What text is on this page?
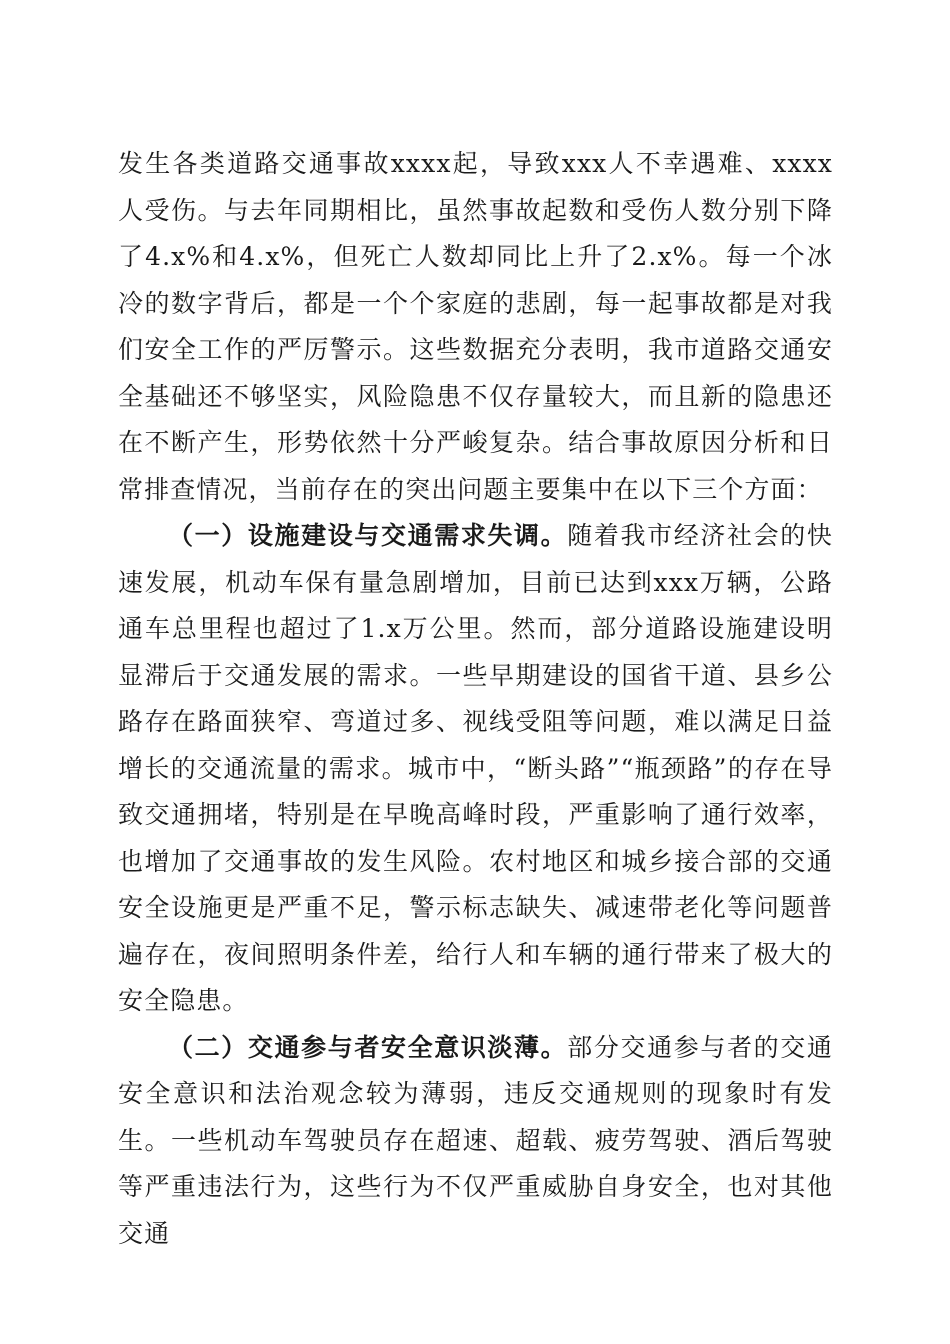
发生各类道路交通事故xxxx起，导致xxx人不幸遇难、xxxx人受伤。与去年同期相比，虽然事故起数和受伤人数分别下降了4.x%和4.x%，但死亡人数却同比上升了2.x%。每一个冰冷的数字背后，都是一个个家庭的悲剧，每一起事故都是对我们安全工作的严厉警示。这些数据充分表明，我市道路交通安全基础还不够坚实，风险隐患不仅存量较大，而且新的隐患还在不断产生，形势依然十分严峻复杂。结合事故原因分析和日常排查情况，当前存在的突出问题主要集中在以下三个方面：

（一）设施建设与交通需求失调。随着我市经济社会的快速发展，机动车保有量急剧增加，目前已达到xxx万辆，公路通车总里程也超过了1.x万公里。然而，部分道路设施建设明显滞后于交通发展的需求。一些早期建设的国省干道、县乡公路存在路面狭窄、弯道过多、视线受阻等问题，难以满足日益增长的交通流量的需求。城市中，“断头路”“瓶颈路”的存在导致交通拥堵，特别是在早晚高峰时段，严重影响了通行效率，也增加了交通事故的发生风险。农村地区和城乡接合部的交通安全设施更是严重不足，警示标志缺失、减速带老化等问题普遍存在，夜间照明条件差，给行人和车辆的通行带来了极大的安全隐患。

（二）交通参与者安全意识淡薄。部分交通参与者的交通安全意识和法治观念较为薄弱，违反交通规则的现象时有发生。一些机动车驾驶员存在超速、超载、疲劳驾驶、酒后驾驶等严重违法行为，这些行为不仅严重威胁自身安全，也对其他交通
